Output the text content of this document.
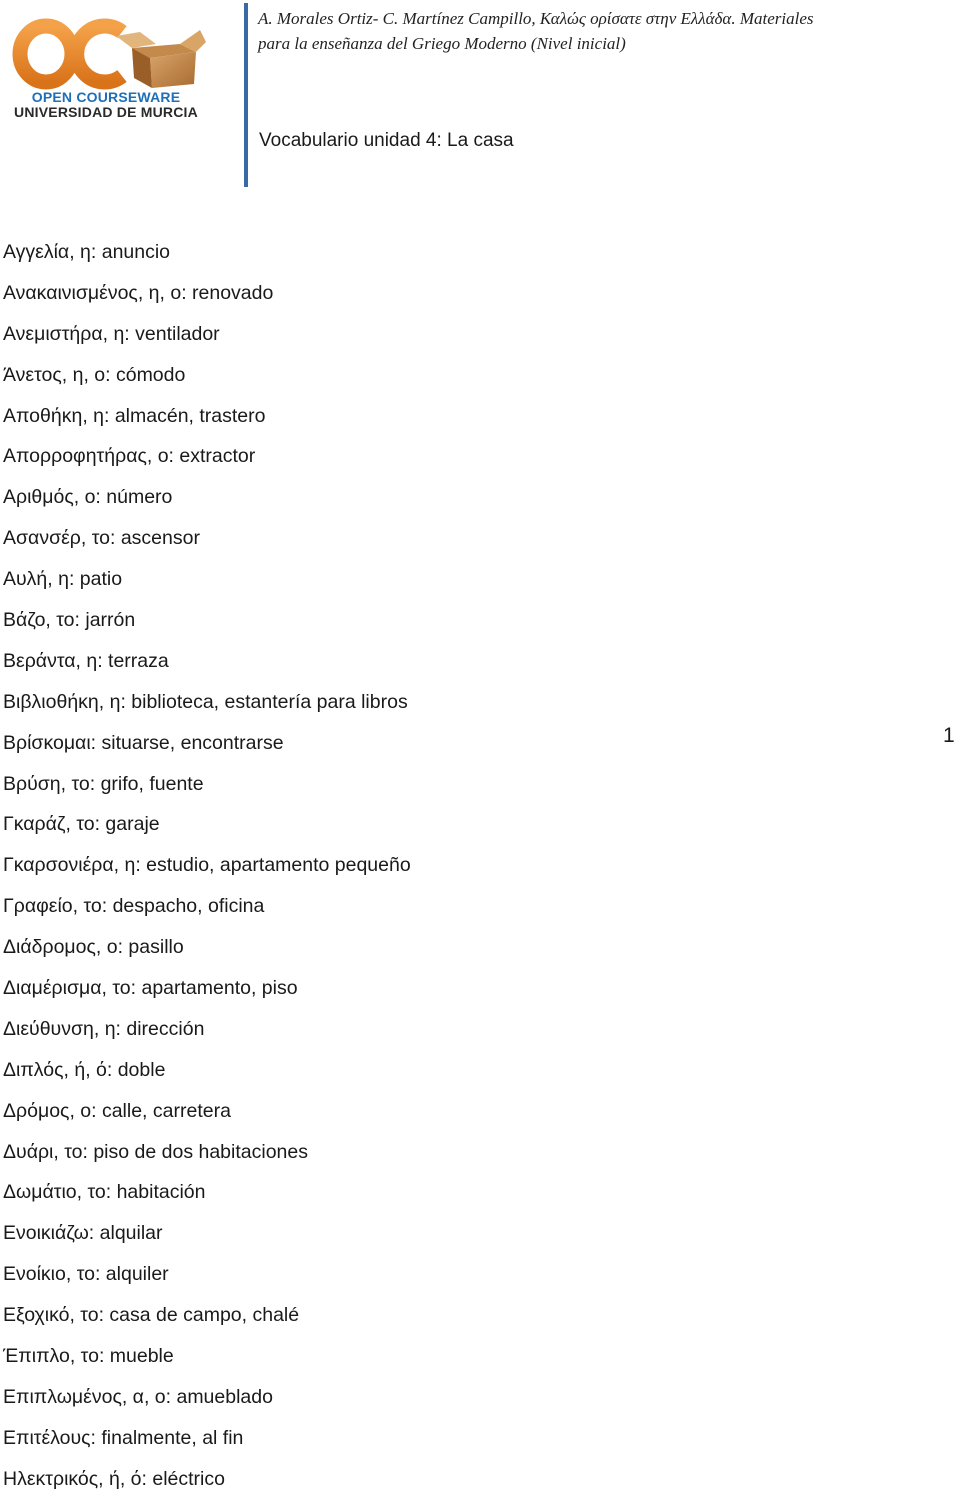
OPEN COURSEWARE
UNIVERSIDAD DE MURCIA
A. Morales Ortiz- C. Martínez Campillo, Καλώς ορίσατε στην Ελλάδα. Materiales
para la enseñanza del Griego Moderno (Nivel inicial)
Vocabulario unidad 4: La casa
Αγγελία, η: anuncio
Ανακαινισμένος, η, ο: renovado
Ανεμιστήρα, η: ventilador
Άνετος, η, ο: cómodo
Αποθήκη, η: almacén, trastero
Απορροφητήρας, ο: extractor
Αριθμός, ο: número
Ασανσέρ, το: ascensor
Αυλή, η: patio
Βάζο, το: jarrón
Βεράντα, η: terraza
Βιβλιοθήκη, η: biblioteca, estantería para libros
Βρίσκομαι: situarse, encontrarse
Βρύση, το: grifo, fuente
Γκαράζ, το: garaje
Γκαρσονιέρα, η: estudio, apartamento pequeño
Γραφείο, το: despacho, oficina
Διάδρομος, ο: pasillo
Διαμέρισμα, το: apartamento, piso
Διεύθυνση, η: dirección
Διπλός, ή, ό: doble
Δρόμος, ο: calle, carretera
Δυάρι, το: piso de dos habitaciones
Δωμάτιο, το: habitación
Ενοικιάζω: alquilar
Ενοίκιο, το: alquiler
Εξοχικό, το: casa de campo, chalé
Έπιπλο, το: mueble
Επιπλωμένος, α, ο: amueblado
Επιτέλους: finalmente, al fin
Ηλεκτρικός, ή, ό: eléctrico
1
